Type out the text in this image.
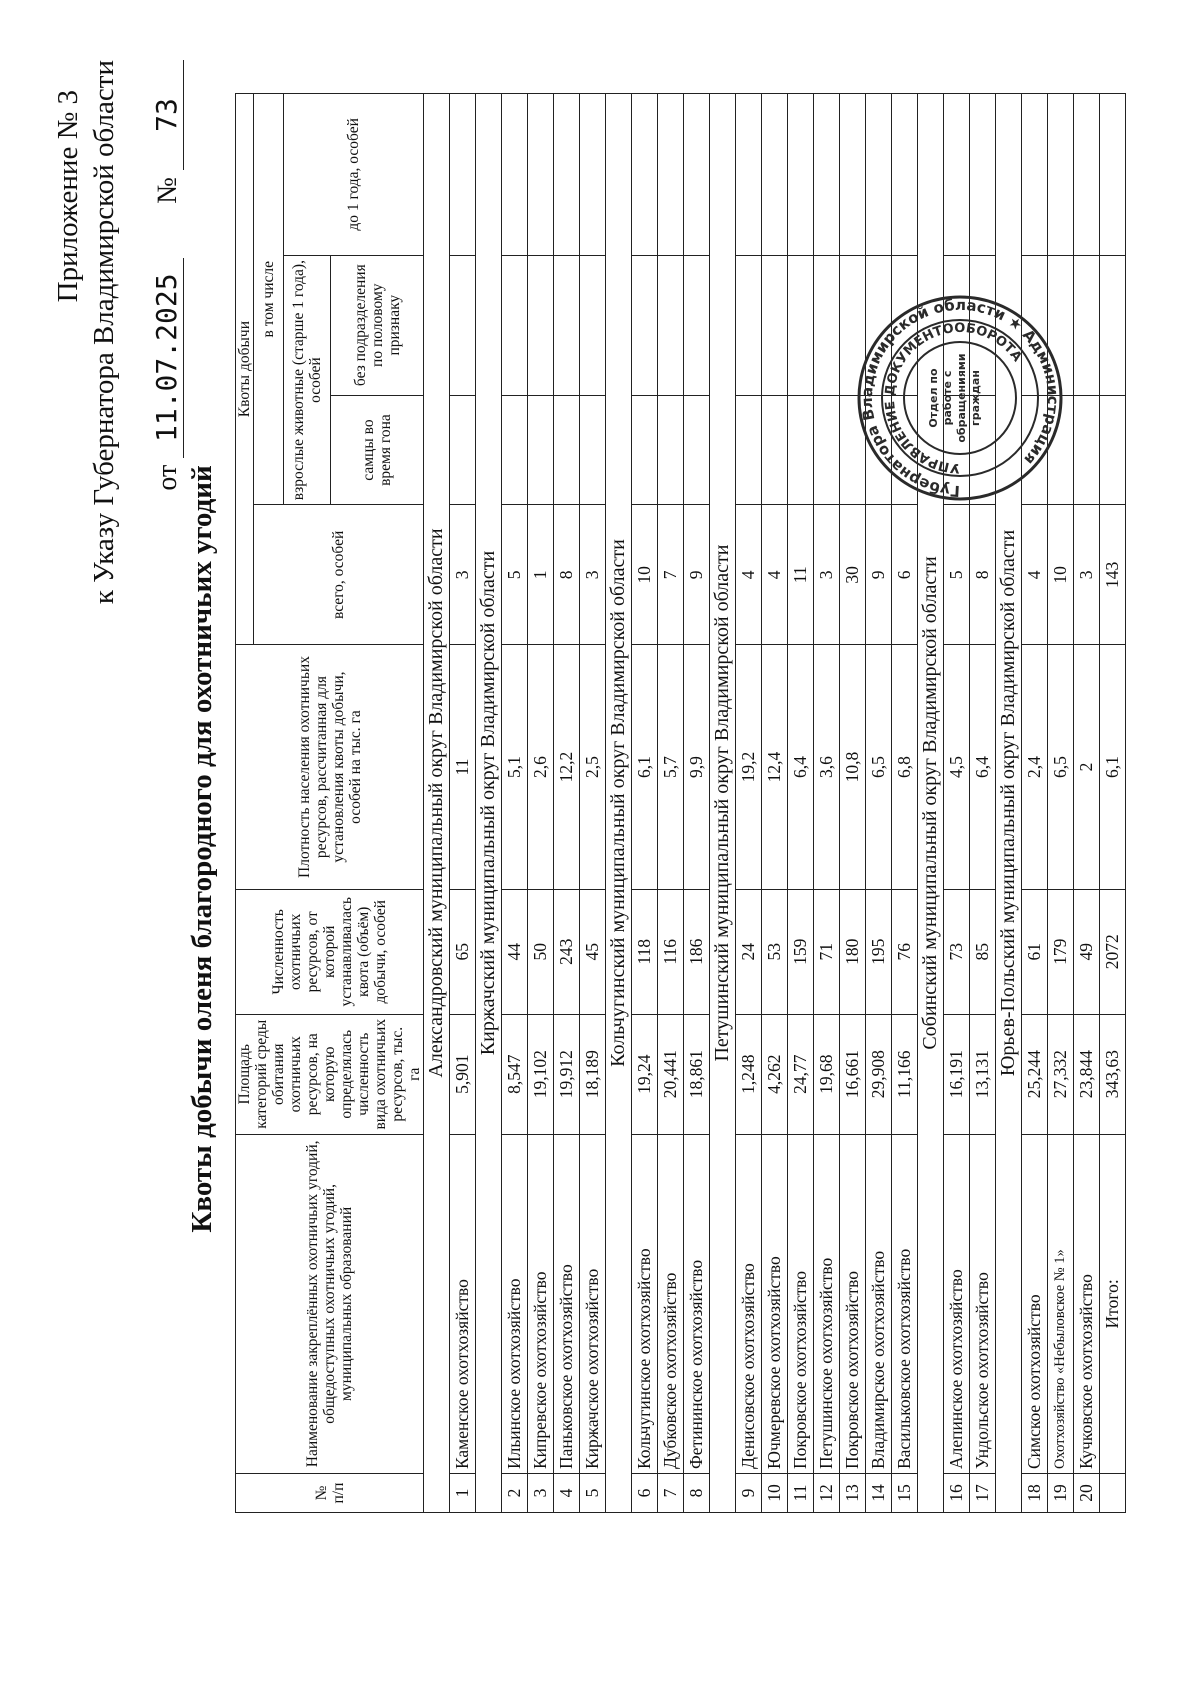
Приложение № 3 к Указу Губернатора Владимирской области от 11.07.2025  № 73
Квоты добычи оленя благородного для охотничьих угодий
№ п/п	Наименование закреплённых охотничьих угодий, общедоступных охотничьих угодий, муниципальных образований	Площадь категорий среды обитания охотничьих ресурсов, на которую определялась численность вида охотничьих ресурсов, тыс. га	Численность охотничьих ресурсов, от которой устанавливалась квота (объём) добычи, особей	Плотность населения охотничьих ресурсов, рассчитанная для установления квоты добычи, особей на тыс. га	Квоты добычи			
					всего, особей	в том числе		
						взрослые животные (старше 1 года), особей		до 1 года, особей
						самцы во время гона	без подразделения по половому признаку	
Александровский муниципальный округ Владимирской области								
1	Каменское охотхозяйство	5,901	65	11	3			
Киржачский муниципальный округ Владимирской области								
2	Ильинское охотхозяйство	8,547	44	5,1	5			
3	Кипревское охотхозяйство	19,102	50	2,6	1			
4	Паньковское охотхозяйство	19,912	243	12,2	8			
5	Киржачское охотхозяйство	18,189	45	2,5	3			
Кольчугинский муниципальный округ Владимирской области								
6	Кольчугинское охотхозяйство	19,24	118	6,1	10			
7	Дубковское охотхозяйство	20,441	116	5,7	7			
8	Фетининское охотхозяйство	18,861	186	9,9	9			
Петушинский муниципальный округ Владимирской области								
9	Денисовское охотхозяйство	1,248	24	19,2	4			
10	Ючмеревское охотхозяйство	4,262	53	12,4	4			
11	Покровское охотхозяйство	24,77	159	6,4	11			
12	Петушинское охотхозяйство	19,68	71	3,6	3			
13	Покровское охотхозяйство	16,661	180	10,8	30			
14	Владимирское охотхозяйство	29,908	195	6,5	9			
15	Васильковское охотхозяйство	11,166	76	6,8	6			
Собинский муниципальный округ Владимирской области								
16	Алепинское охотхозяйство	16,191	73	4,5	5			
17	Ундольское охотхозяйство	13,131	85	6,4	8			
Юрьев-Польский муниципальный округ Владимирской области								
18	Симское охотхозяйство	25,244	61	2,4	4			
19	Охотхозяйство «Небыловское № 1»	27,332	179	6,5	10			
20	Кучковское охотхозяйство	23,844	49	2	3			
	Итого:	343,63	2072	6,1	143			
Губернатора Владимирской области ★ Администрация
УПРАВЛЕНИЕ ДОКУМЕНТООБОРОТА
Отдел по работе с обращениями граждан
